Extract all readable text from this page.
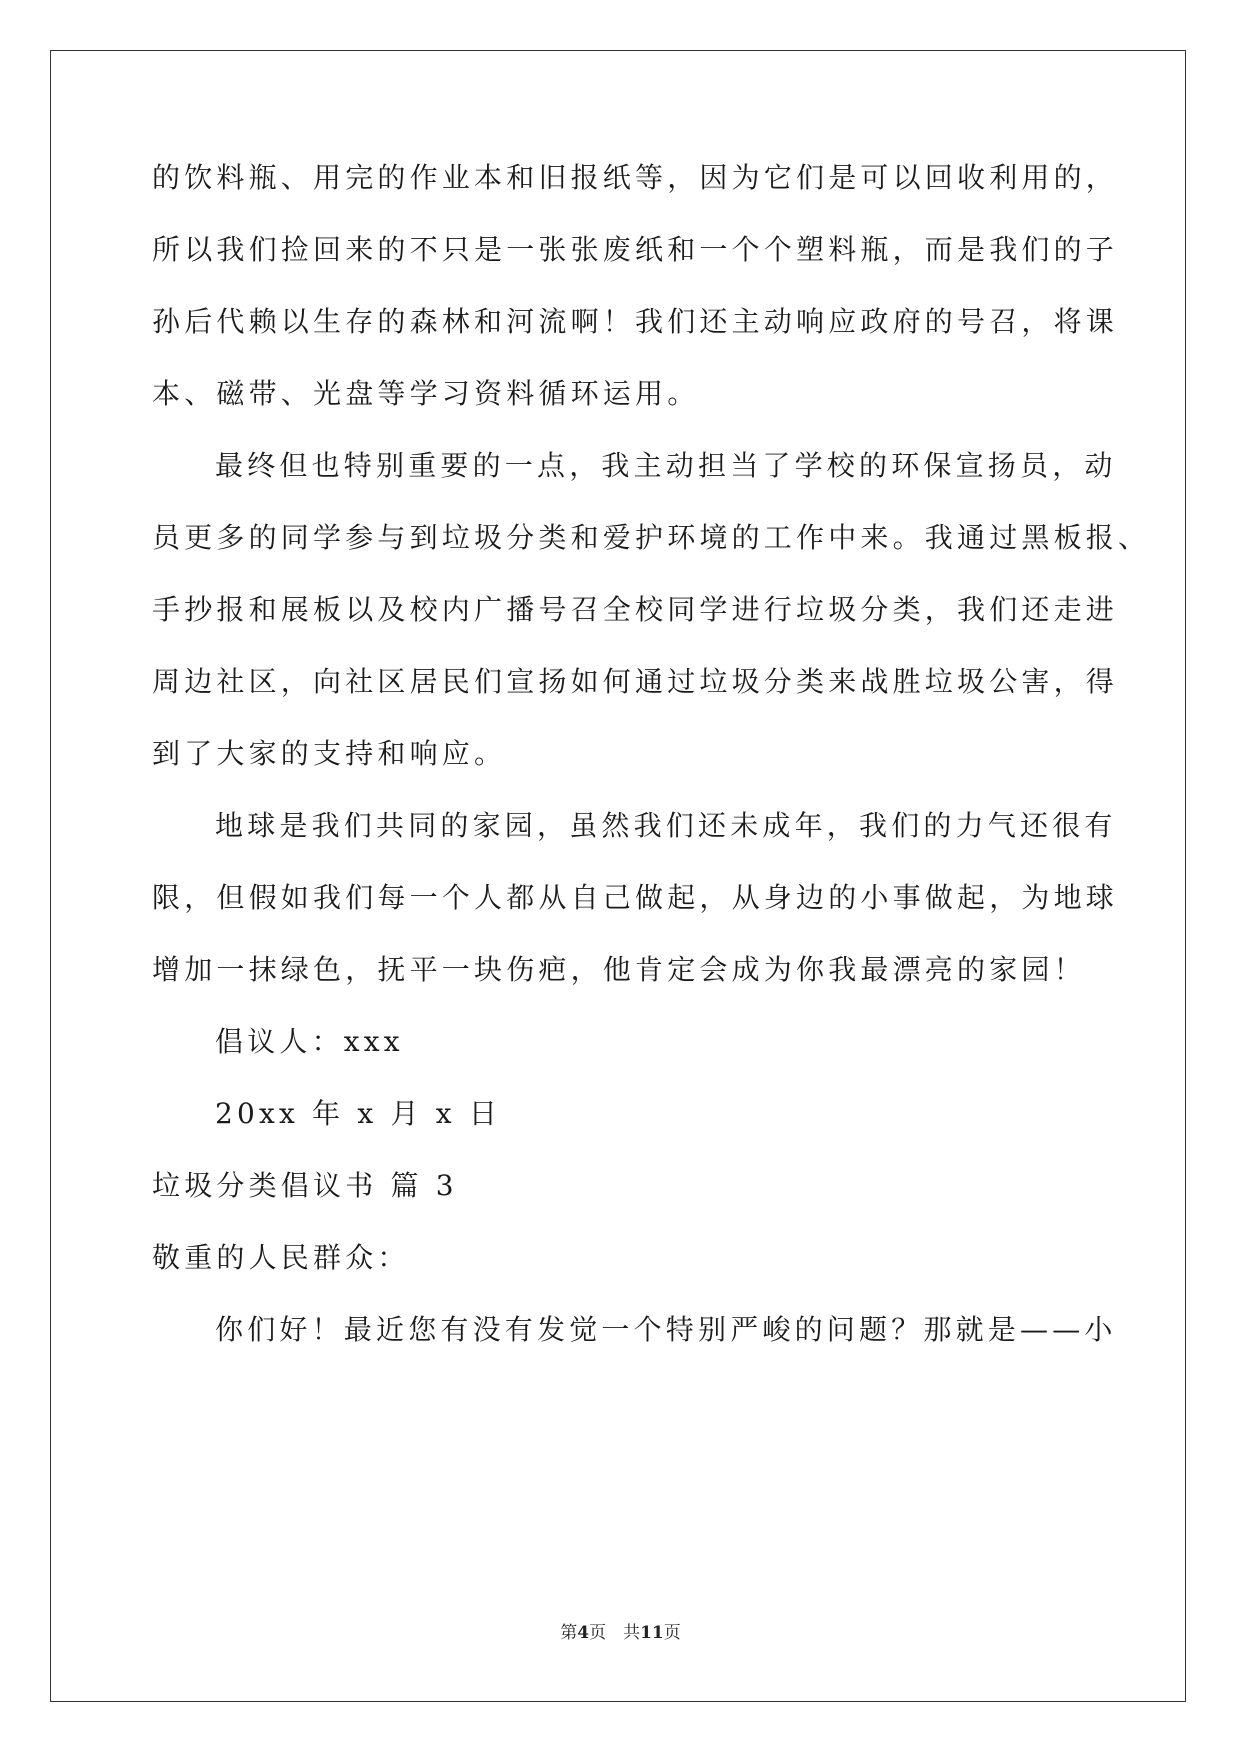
的饮料瓶、用完的作业本和旧报纸等，因为它们是可以回收利用的，
所以我们捡回来的不只是一张张废纸和一个个塑料瓶，而是我们的子
孙后代赖以生存的森林和河流啊！我们还主动响应政府的号召，将课
本、磁带、光盘等学习资料循环运用。
最终但也特别重要的一点，我主动担当了学校的环保宣扬员，动
员更多的同学参与到垃圾分类和爱护环境的工作中来。我通过黑板报、
手抄报和展板以及校内广播号召全校同学进行垃圾分类，我们还走进
周边社区，向社区居民们宣扬如何通过垃圾分类来战胜垃圾公害，得
到了大家的支持和响应。
地球是我们共同的家园，虽然我们还未成年，我们的力气还很有
限，但假如我们每一个人都从自己做起，从身边的小事做起，为地球
增加一抹绿色，抚平一块伤疤，他肯定会成为你我最漂亮的家园！
倡议人：xxx
20xx 年 x 月 x 日
垃圾分类倡议书 篇 3
敬重的人民群众：
你们好！最近您有没有发觉一个特别严峻的问题？那就是——小
第4页　共11页
